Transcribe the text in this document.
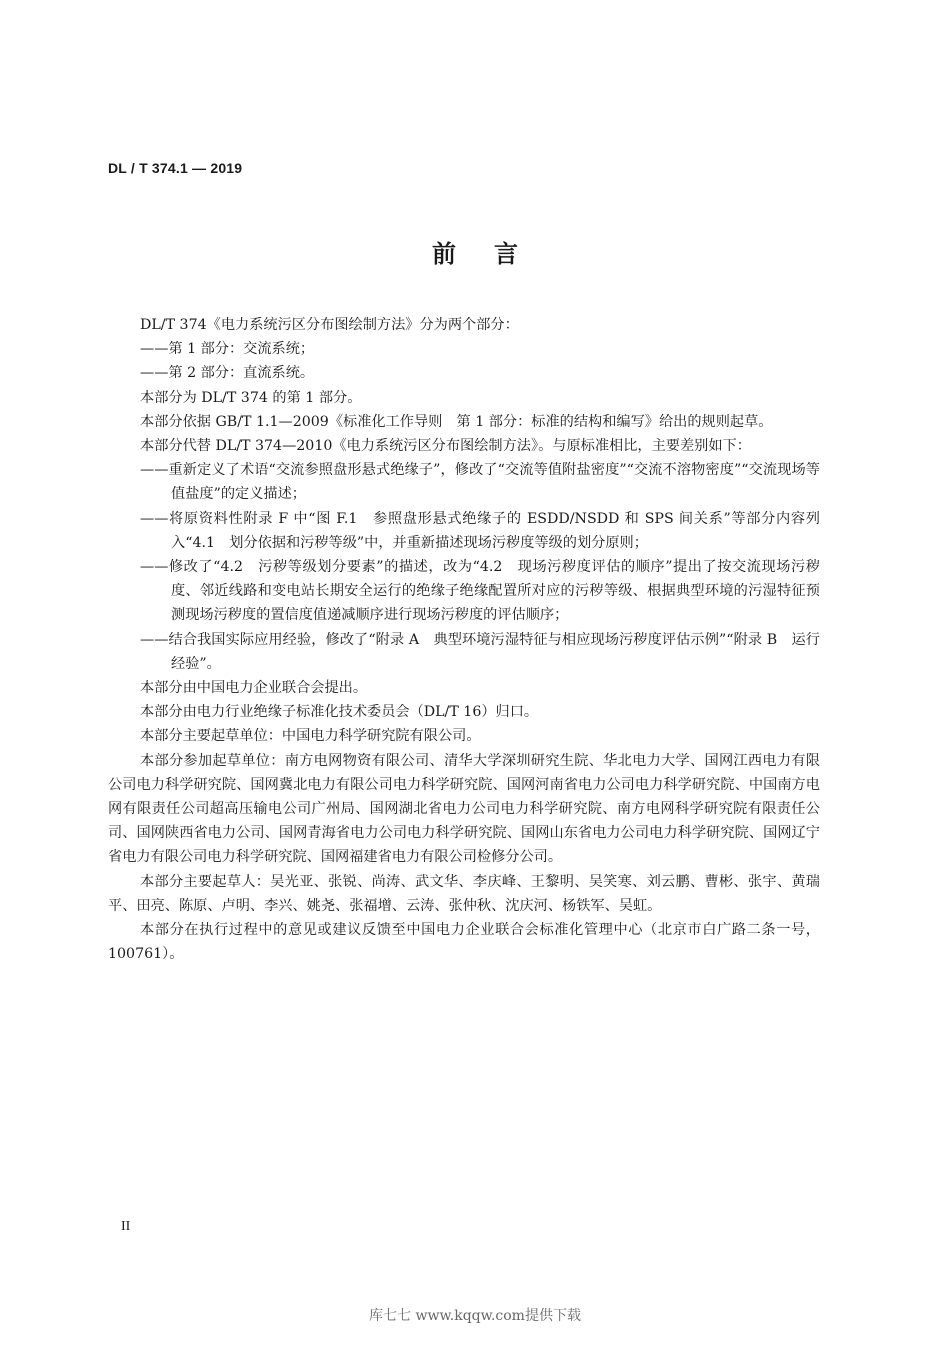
DL / T 374.1 — 2019
前言

DL/T 374《电力系统污区分布图绘制方法》分为两个部分：

——第 1 部分：交流系统；

——第 2 部分：直流系统。

本部分为 DL/T 374 的第 1 部分。

本部分依据 GB/T 1.1—2009《标准化工作导则　第 1 部分：标准的结构和编写》给出的规则起草。

本部分代替 DL/T 374—2010《电力系统污区分布图绘制方法》。与原标准相比，主要差别如下：

——重新定义了术语“交流参照盘形悬式绝缘子”，修改了“交流等值附盐密度”“交流不溶物密度”“交流现场等值盐度”的定义描述；

——将原资料性附录 F 中“图 F.1　参照盘形悬式绝缘子的 ESDD/NSDD 和 SPS 间关系”等部分内容列入“4.1　划分依据和污秽等级”中，并重新描述现场污秽度等级的划分原则；

——修改了“4.2　污秽等级划分要素”的描述，改为“4.2　现场污秽度评估的顺序”提出了按交流现场污秽度、邻近线路和变电站长期安全运行的绝缘子绝缘配置所对应的污秽等级、根据典型环境的污湿特征预测现场污秽度的置信度值递减顺序进行现场污秽度的评估顺序；

——结合我国实际应用经验，修改了“附录 A　典型环境污湿特征与相应现场污秽度评估示例”“附录 B　运行经验”。

本部分由中国电力企业联合会提出。

本部分由电力行业绝缘子标准化技术委员会（DL/T 16）归口。

本部分主要起草单位：中国电力科学研究院有限公司。

本部分参加起草单位：南方电网物资有限公司、清华大学深圳研究生院、华北电力大学、国网江西电力有限公司电力科学研究院、国网冀北电力有限公司电力科学研究院、国网河南省电力公司电力科学研究院、中国南方电网有限责任公司超高压输电公司广州局、国网湖北省电力公司电力科学研究院、南方电网科学研究院有限责任公司、国网陕西省电力公司、国网青海省电力公司电力科学研究院、国网山东省电力公司电力科学研究院、国网辽宁省电力有限公司电力科学研究院、国网福建省电力有限公司检修分公司。

本部分主要起草人：吴光亚、张锐、尚涛、武文华、李庆峰、王黎明、吴笑寒、刘云鹏、曹彬、张宇、黄瑞平、田亮、陈原、卢明、李兴、姚尧、张福增、云涛、张仲秋、沈庆河、杨铁军、吴虹。

本部分在执行过程中的意见或建议反馈至中国电力企业联合会标准化管理中心（北京市白广路二条一号，100761）。

II
库七七 www.kqqw.com提供下载
